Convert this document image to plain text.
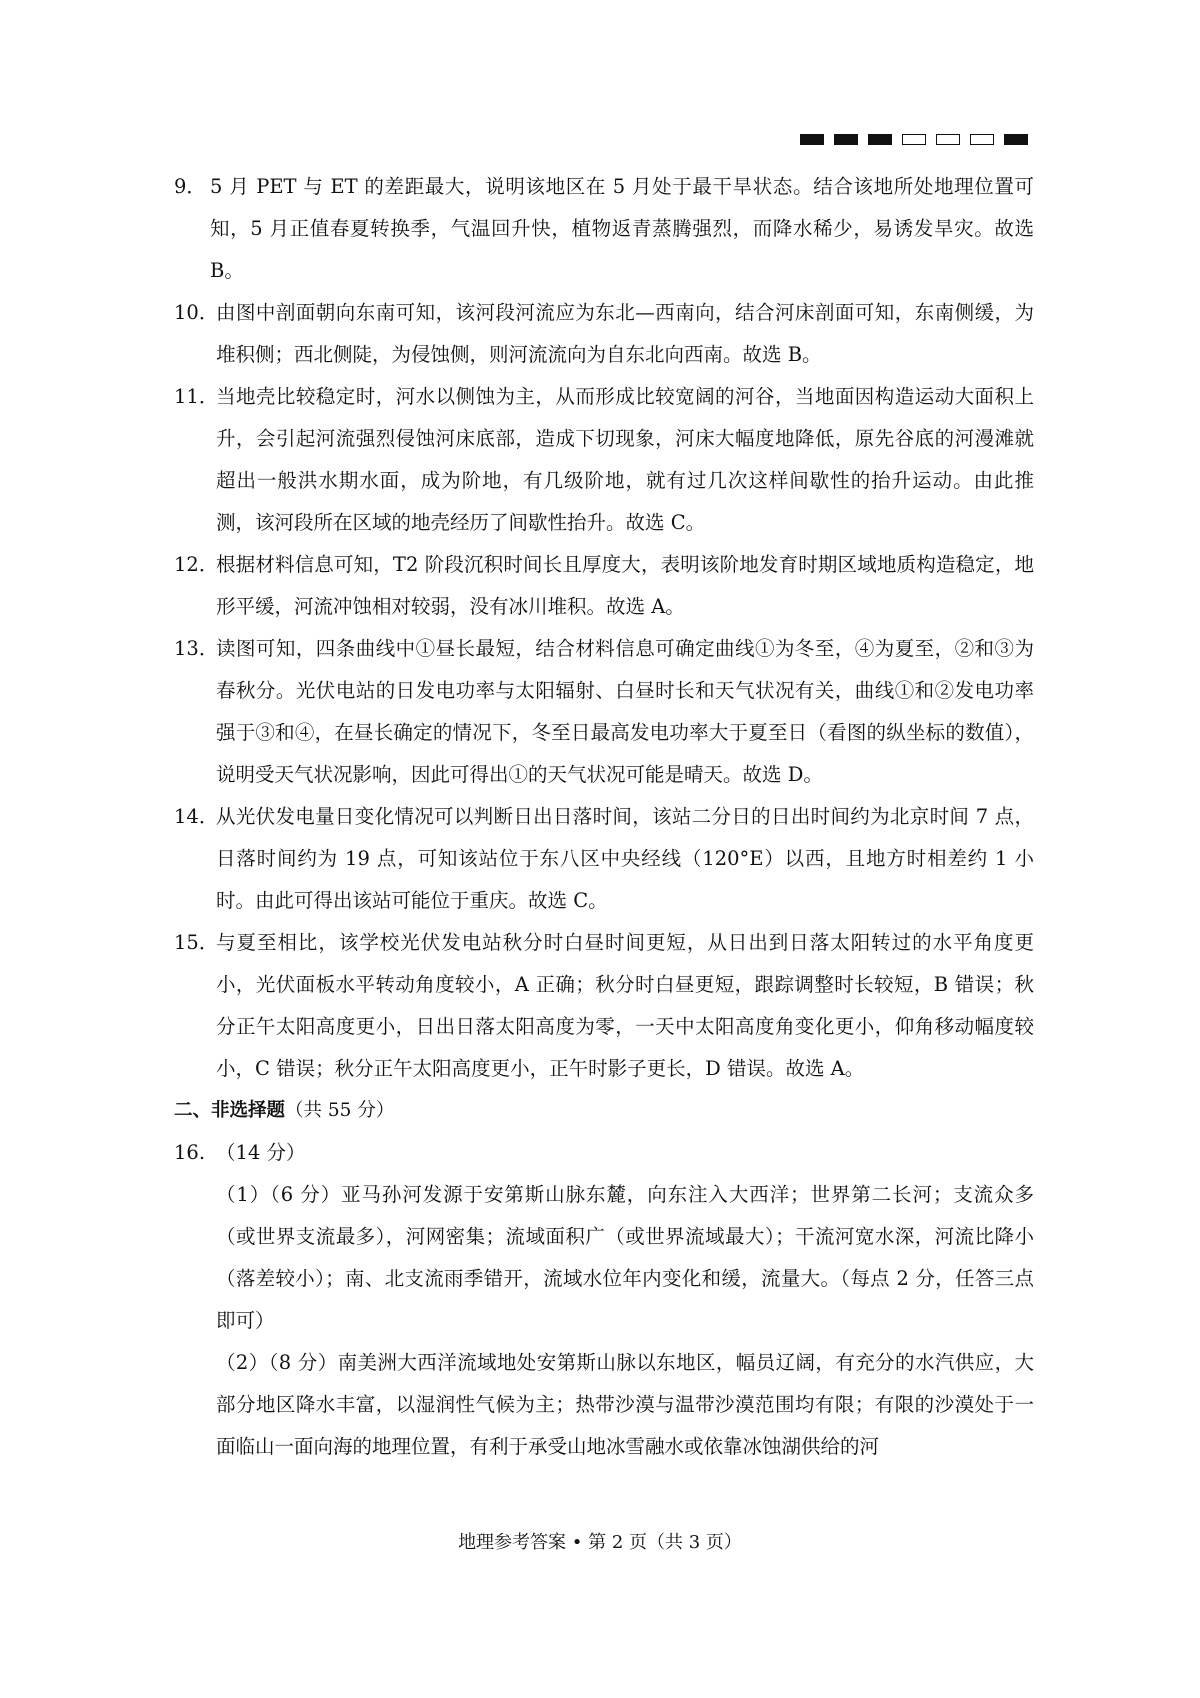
9． 5 月 PET 与 ET 的差距最大，说明该地区在 5 月处于最干旱状态。结合该地所处地理位置可知，5 月正值春夏转换季，气温回升快，植物返青蒸腾强烈，而降水稀少，易诱发旱灾。故选 B。
10．
由图中剖面朝向东南可知，该河段河流应为东北—西南向，结合河床剖面可知，东南侧缓，为堆积侧；西北侧陡，为侵蚀侧，则河流流向为自东北向西南。故选 B。
11．
当地壳比较稳定时，河水以侧蚀为主，从而形成比较宽阔的河谷，当地面因构造运动大面积上升，会引起河流强烈侵蚀河床底部，造成下切现象，河床大幅度地降低，原先谷底的河漫滩就超出一般洪水期水面，成为阶地，有几级阶地，就有过几次这样间歇性的抬升运动。由此推测，该河段所在区域的地壳经历了间歇性抬升。故选 C。
12．
根据材料信息可知，T2 阶段沉积时间长且厚度大，表明该阶地发育时期区域地质构造稳定，地形平缓，河流冲蚀相对较弱，没有冰川堆积。故选 A。
13．
读图可知，四条曲线中①昼长最短，结合材料信息可确定曲线①为冬至，④为夏至，②和③为春秋分。光伏电站的日发电功率与太阳辐射、白昼时长和天气状况有关，曲线①和②发电功率强于③和④，在昼长确定的情况下，冬至日最高发电功率大于夏至日（看图的纵坐标的数值），说明受天气状况影响，因此可得出①的天气状况可能是晴天。故选 D。
14．
从光伏发电量日变化情况可以判断日出日落时间，该站二分日的日出时间约为北京时间 7 点，日落时间约为 19 点，可知该站位于东八区中央经线（120°E）以西，且地方时相差约 1 小时。由此可得出该站可能位于重庆。故选 C。
15．
与夏至相比，该学校光伏发电站秋分时白昼时间更短，从日出到日落太阳转过的水平角度更小，光伏面板水平转动角度较小，A 正确；秋分时白昼更短，跟踪调整时长较短，B 错误；秋分正午太阳高度更小，日出日落太阳高度为零，一天中太阳高度角变化更小，仰角移动幅度较小，C 错误；秋分正午太阳高度更小，正午时影子更长，D 错误。故选 A。
二、非选择题（共 55 分）
16. （14 分）
（1）（6 分）亚马孙河发源于安第斯山脉东麓，向东注入大西洋；世界第二长河；支流众多（或世界支流最多），河网密集；流域面积广（或世界流域最大）；干流河宽水深，河流比降小（落差较小）；南、北支流雨季错开，流域水位年内变化和缓，流量大。（每点 2 分，任答三点即可）
（2）（8 分）南美洲大西洋流域地处安第斯山脉以东地区，幅员辽阔，有充分的水汽供应，大部分地区降水丰富，以湿润性气候为主；热带沙漠与温带沙漠范围均有限；有限的沙漠处于一面临山一面向海的地理位置，有利于承受山地冰雪融水或依靠冰蚀湖供给的河
地理参考答案 • 第 2 页（共 3 页）
